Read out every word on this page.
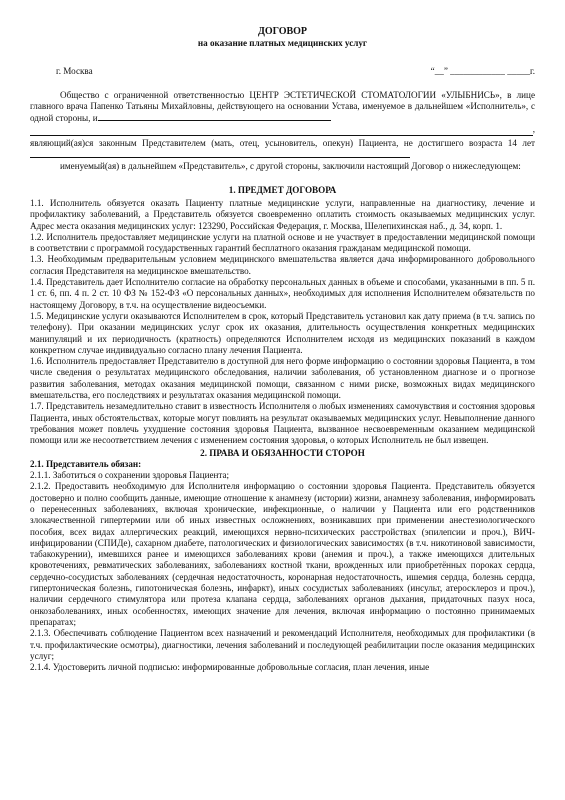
ДОГОВОР
на оказание платных медицинских услуг
г. Москва	“__” ____________ _____г.

Общество с ограниченной ответственностью ЦЕНТР ЭСТЕТИЧЕСКОЙ СТОМАТОЛОГИИ «УЛЫБНИСЬ», в лице главного врача Папенко Татьяны Михайловны, действующего на основании Устава, именуемое в дальнейшем «Исполнитель», с одной стороны, и

,

являющий(ая)ся законным Представителем (мать, отец, усыновитель, опекун) Пациента, не достигшего возраста 14 лет

именуемый(ая) в дальнейшем «Представитель», с другой стороны, заключили настоящий Договор о нижеследующем:

1. ПРЕДМЕТ ДОГОВОРА

1.1. Исполнитель обязуется оказать Пациенту платные медицинские услуги, направленные на диагностику, лечение и профилактику заболеваний, а Представитель обязуется своевременно оплатить стоимость оказываемых медицинских услуг. Адрес места оказания медицинских услуг: 123290, Российская Федерация, г. Москва, Шелепихинская наб., д. 34, корп. 1.

1.2. Исполнитель предоставляет медицинские услуги на платной основе и не участвует в предоставлении медицинской помощи в соответствии с программой государственных гарантий бесплатного оказания гражданам медицинской помощи.

1.3. Необходимым предварительным условием медицинского вмешательства является дача информированного добровольного согласия Представителя на медицинское вмешательство.

1.4. Представитель дает Исполнителю согласие на обработку персональных данных в объеме и способами, указанными в пп. 5 п. 1 ст. 6, пп. 4 п. 2 ст. 10 ФЗ № 152-ФЗ «О персональных данных», необходимых для исполнения Исполнителем обязательств по настоящему Договору, в т.ч. на осуществление видеосъемки.

1.5. Медицинские услуги оказываются Исполнителем в срок, который Представитель установил как дату приема (в т.ч. запись по телефону). При оказании медицинских услуг срок их оказания, длительность осуществления конкретных медицинских манипуляций и их периодичность (кратность) определяются Исполнителем исходя из медицинских показаний в каждом конкретном случае индивидуально согласно плану лечения Пациента.

1.6. Исполнитель предоставляет Представителю в доступной для него форме информацию о состоянии здоровья Пациента, в том числе сведения о результатах медицинского обследования, наличии заболевания, об установленном диагнозе и о прогнозе развития заболевания, методах оказания медицинской помощи, связанном с ними риске, возможных видах медицинского вмешательства, его последствиях и результатах оказания медицинской помощи.

1.7. Представитель незамедлительно ставит в известность Исполнителя о любых изменениях самочувствия и состояния здоровья Пациента, иных обстоятельствах, которые могут повлиять на результат оказываемых медицинских услуг. Невыполнение данного требования может повлечь ухудшение состояния здоровья Пациента, вызванное несвоевременным оказанием медицинской помощи или же несоответствием лечения с изменением состояния здоровья, о которых Исполнитель не был извещен.

2. ПРАВА И ОБЯЗАННОСТИ СТОРОН

2.1. Представитель обязан:

2.1.1. Заботиться о сохранении здоровья Пациента;

2.1.2. Предоставить необходимую для Исполнителя информацию о состоянии здоровья Пациента. Представитель обязуется достоверно и полно сообщить данные, имеющие отношение к анамнезу (истории) жизни, анамнезу заболевания, информировать о перенесенных заболеваниях, включая хронические, инфекционные, о наличии у Пациента или его родственников злокачественной гипертермии или об иных известных осложнениях, возникавших при применении анестезиологического пособия, всех видах аллергических реакций, имеющихся нервно-психических расстройствах (эпилепсии и проч.), ВИЧ-инфицировании (СПИДе), сахарном диабете, патологических и физиологических зависимостях (в т.ч. никотиновой зависимости, табакокурении), имевшихся ранее и имеющихся заболеваниях крови (анемия и проч.), а также имеющихся длительных кровотечениях, ревматических заболеваниях, заболеваниях костной ткани, врожденных или приобретённых пороках сердца, сердечно-сосудистых заболеваниях (сердечная недостаточность, коронарная недостаточность, ишемия сердца, болезнь сердца, гипертоническая болезнь, гипотоническая болезнь, инфаркт), иных сосудистых заболеваниях (инсульт, атеросклероз и проч.), наличии сердечного стимулятора или протеза клапана сердца, заболеваниях органов дыхания, придаточных пазух носа, онкозаболеваниях, иных особенностях, имеющих значение для лечения, включая информацию о постоянно принимаемых препаратах;

2.1.3. Обеспечивать соблюдение Пациентом всех назначений и рекомендаций Исполнителя, необходимых для профилактики (в т.ч. профилактические осмотры), диагностики, лечения заболеваний и последующей реабилитации после оказания медицинских услуг;

2.1.4. Удостоверить личной подписью: информированные добровольные согласия, план лечения, иные
